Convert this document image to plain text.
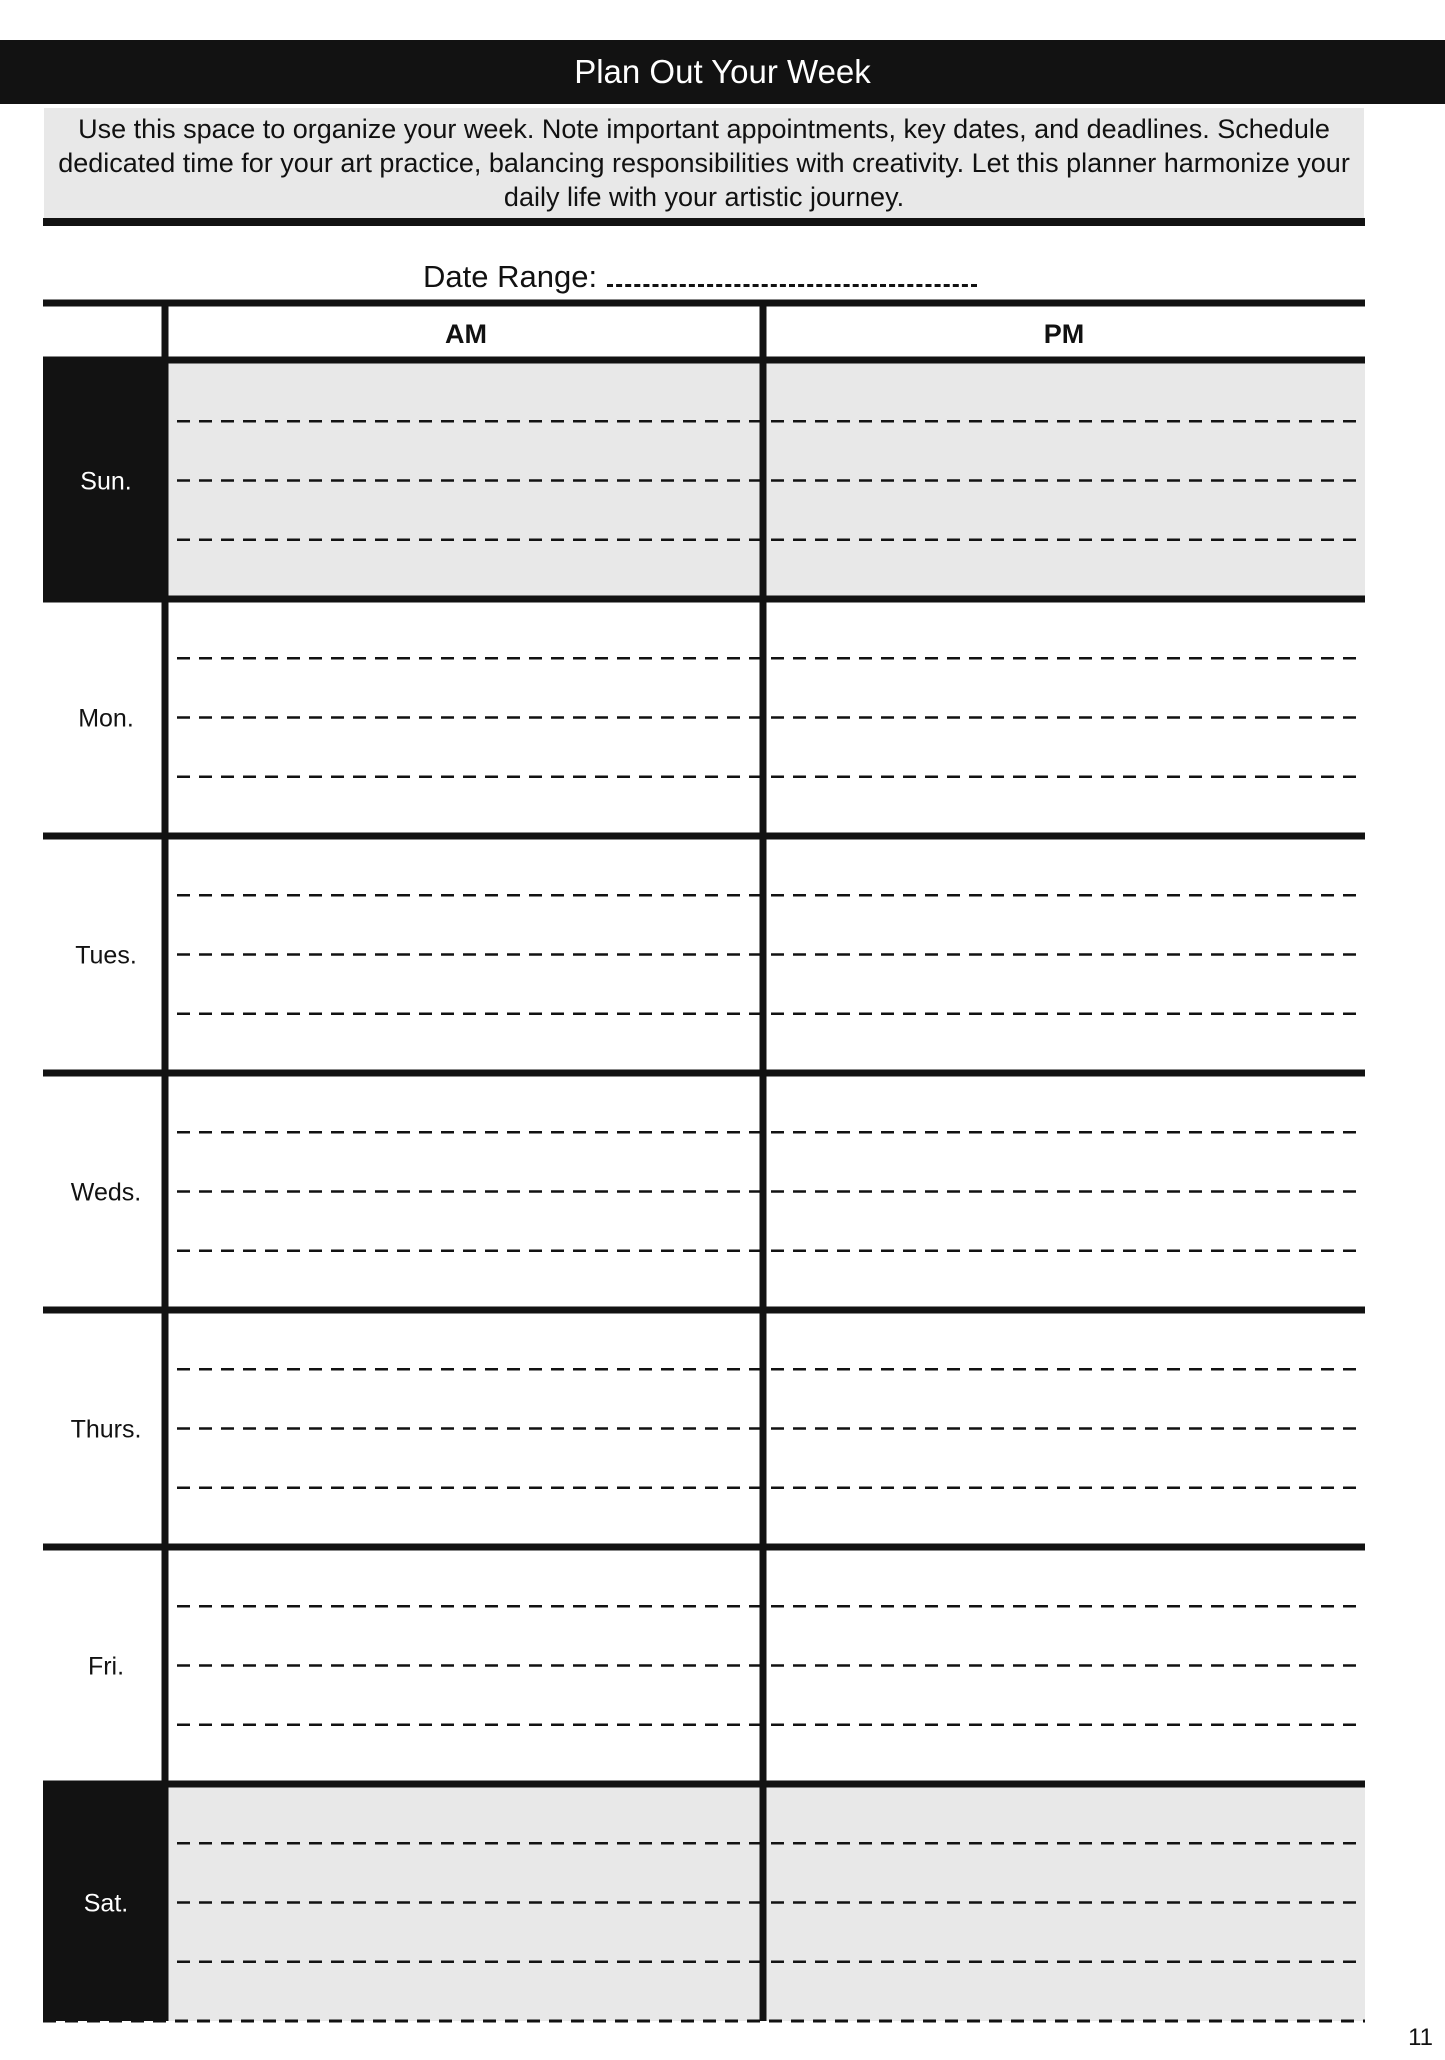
Plan Out Your Week
Use this space to organize your week. Note important appointments, key dates, and deadlines. Schedule dedicated time for your art practice, balancing responsibilities with creativity. Let this planner harmonize your daily life with your artistic journey.
Date Range:
AM	PM
Sun.
Mon.
Tues.
Weds.
Thurs.
Fri.
Sat.
11
